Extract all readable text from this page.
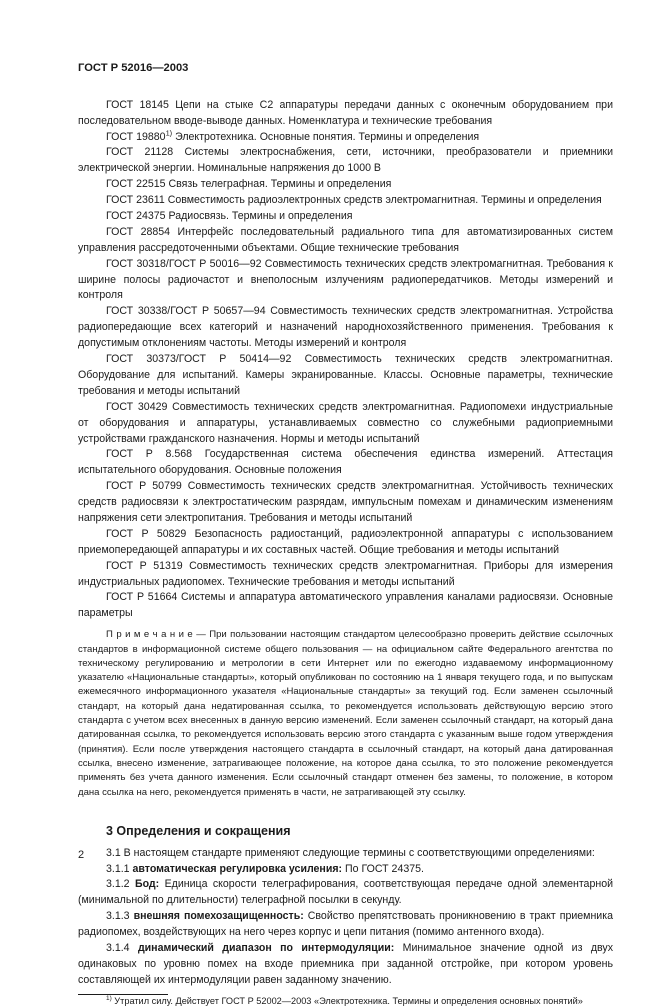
ГОСТ Р 52016—2003

ГОСТ 18145 Цепи на стыке С2 аппаратуры передачи данных с оконечным оборудованием при последовательном вводе-выводе данных. Номенклатура и технические требования

ГОСТ 19880$^{1)}$ Электротехника. Основные понятия. Термины и определения

ГОСТ 21128 Системы электроснабжения, сети, источники, преобразователи и приемники электрической энергии. Номинальные напряжения до 1000 В

ГОСТ 22515 Связь телеграфная. Термины и определения

ГОСТ 23611 Совместимость радиоэлектронных средств электромагнитная. Термины и определения

ГОСТ 24375 Радиосвязь. Термины и определения

ГОСТ 28854 Интерфейс последовательный радиального типа для автоматизированных систем управления рассредоточенными объектами. Общие технические требования

ГОСТ 30318/ГОСТ Р 50016—92 Совместимость технических средств электромагнитная. Требования к ширине полосы радиочастот и внеполосным излучениям радиопередатчиков. Методы измерений и контроля

ГОСТ 30338/ГОСТ Р 50657—94 Совместимость технических средств электромагнитная. Устройства радиопередающие всех категорий и назначений народнохозяйственного применения. Требования к допустимым отклонениям частоты. Методы измерений и контроля

ГОСТ 30373/ГОСТ Р 50414—92 Совместимость технических средств электромагнитная. Оборудование для испытаний. Камеры экранированные. Классы. Основные параметры, технические требования и методы испытаний

ГОСТ 30429 Совместимость технических средств электромагнитная. Радиопомехи индустриальные от оборудования и аппаратуры, устанавливаемых совместно со служебными радиоприемными устройствами гражданского назначения. Нормы и методы испытаний

ГОСТ Р 8.568 Государственная система обеспечения единства измерений. Аттестация испытательного оборудования. Основные положения

ГОСТ Р 50799 Совместимость технических средств электромагнитная. Устойчивость технических средств радиосвязи к электростатическим разрядам, импульсным помехам и динамическим изменениям напряжения сети электропитания. Требования и методы испытаний

ГОСТ Р 50829 Безопасность радиостанций, радиоэлектронной аппаратуры с использованием приемопередающей аппаратуры и их составных частей. Общие требования и методы испытаний

ГОСТ Р 51319 Совместимость технических средств электромагнитная. Приборы для измерения индустриальных радиопомех. Технические требования и методы испытаний

ГОСТ Р 51664 Системы и аппаратура автоматического управления каналами радиосвязи. Основные параметры

П р и м е ч а н и е — При пользовании настоящим стандартом целесообразно проверить действие ссылочных стандартов в информационной системе общего пользования — на официальном сайте Федерального агентства по техническому регулированию и метрологии в сети Интернет или по ежегодно издаваемому информационному указателю «Национальные стандарты», который опубликован по состоянию на 1 января текущего года, и по выпускам ежемесячного информационного указателя «Национальные стандарты» за текущий год. Если заменен ссылочный стандарт, на который дана недатированная ссылка, то рекомендуется использовать действующую версию этого стандарта с учетом всех внесенных в данную версию изменений. Если заменен ссылочный стандарт, на который дана датированная ссылка, то рекомендуется использовать версию этого стандарта с указанным выше годом утверждения (принятия). Если после утверждения настоящего стандарта в ссылочный стандарт, на который дана датированная ссылка, внесено изменение, затрагивающее положение, на которое дана ссылка, то это положение рекомендуется применять без учета данного изменения. Если ссылочный стандарт отменен без замены, то положение, в котором дана ссылка на него, рекомендуется применять в части, не затрагивающей эту ссылку.

3 Определения и сокращения

3.1 В настоящем стандарте применяют следующие термины с соответствующими определениями:

3.1.1 автоматическая регулировка усиления: По ГОСТ 24375.

3.1.2 Бод: Единица скорости телеграфирования, соответствующая передаче одной элементарной (минимальной по длительности) телеграфной посылки в секунду.

3.1.3 внешняя помехозащищенность: Свойство препятствовать проникновению в тракт приемника радиопомех, воздействующих на него через корпус и цепи питания (помимо антенного входа).

3.1.4 динамический диапазон по интермодуляции: Минимальное значение одной из двух одинаковых по уровню помех на входе приемника при заданной отстройке, при котором уровень составляющей их интермодуляции равен заданному значению.

$^{1)}$ Утратил силу. Действует ГОСТ Р 52002—2003 «Электротехника. Термины и определения основных понятий»

2
